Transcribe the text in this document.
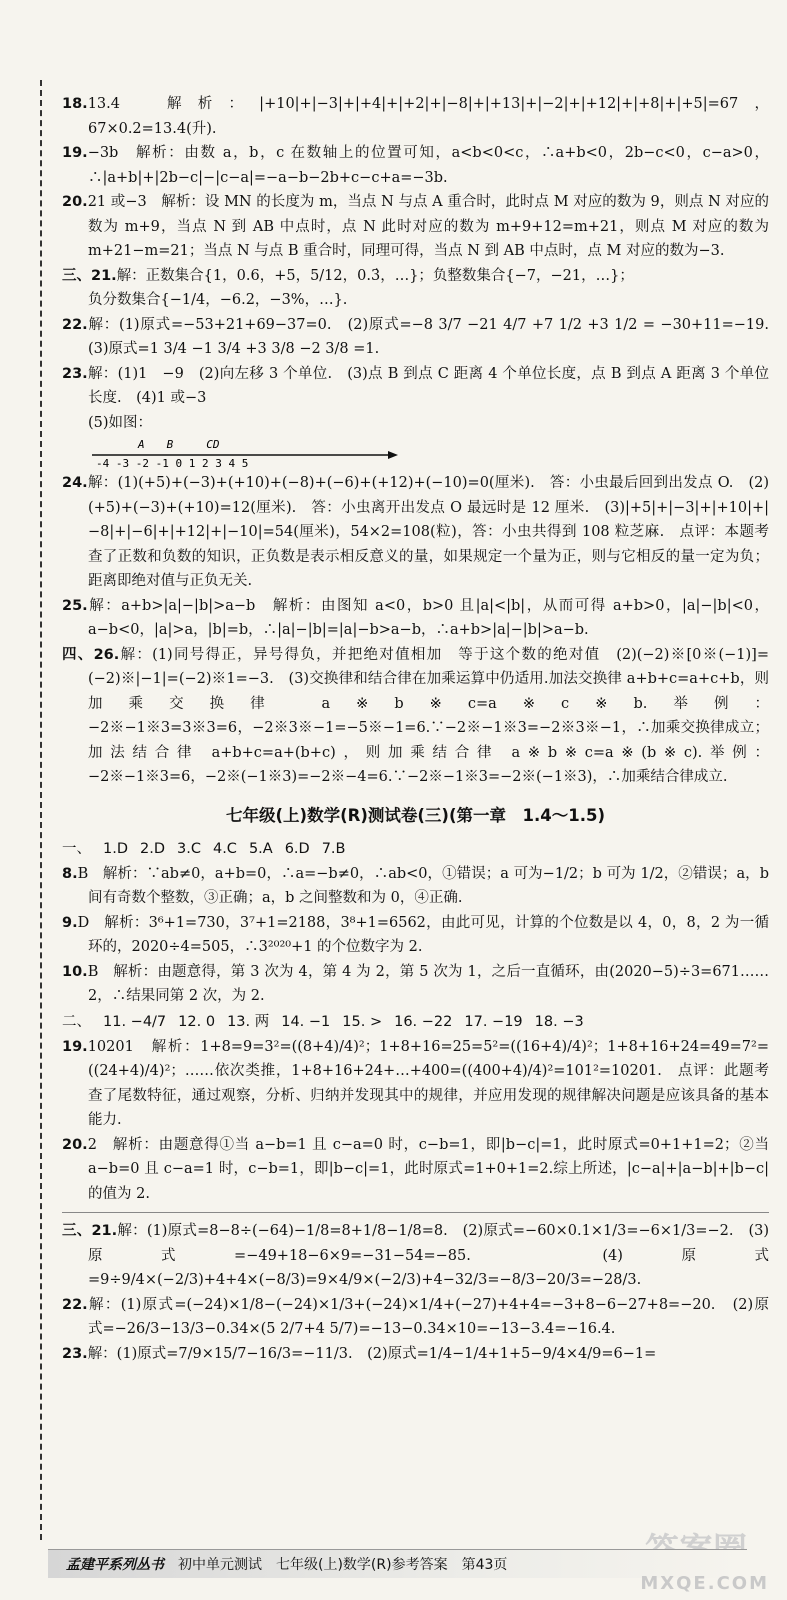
18.13.4　解析：|+10|+|−3|+|+4|+|+2|+|−8|+|+13|+|−2|+|+12|+|+8|+|+5|=67，67×0.2=13.4(升).

19.−3b　解析：由数 a，b，c 在数轴上的位置可知，a<b<0<c，∴a+b<0，2b−c<0，c−a>0，∴|a+b|+|2b−c|−|c−a|=−a−b−2b+c−c+a=−3b.

20.21 或−3　解析：设 MN 的长度为 m，当点 N 与点 A 重合时，此时点 M 对应的数为 9，则点 N 对应的数为 m+9，当点 N 到 AB 中点时，点 N 此时对应的数为 m+9+12=m+21，则点 M 对应的数为 m+21−m=21；当点 N 与点 B 重合时，同理可得，当点 N 到 AB 中点时，点 M 对应的数为−3.

三、21.解：正数集合{1，0.6，+5，5/12，0.3̇，…}；负整数集合{−7，−21，…}；

负分数集合{−1/4，−6.2，−3%，…}.

22.解：(1)原式=−53+21+69−37=0.　(2)原式=−8 3/7 −21 4/7 +7 1/2 +3 1/2 = −30+11=−19.　(3)原式=1 3/4 −1 3/4 +3 3/8 −2 3/8 =1.

23.解：(1)1　−9　(2)向左移 3 个单位.　(3)点 B 到点 C 距离 4 个单位长度，点 B 到点 A 距离 3 个单位长度.　(4)1 或−3

(5)如图：

A　　B　　　CD
-4 -3 -2 -1 0 1 2 3 4 5

24.解：(1)(+5)+(−3)+(+10)+(−8)+(−6)+(+12)+(−10)=0(厘米).　答：小虫最后回到出发点 O.　(2)(+5)+(−3)+(+10)=12(厘米).　答：小虫离开出发点 O 最远时是 12 厘米.　(3)|+5|+|−3|+|+10|+|−8|+|−6|+|+12|+|−10|=54(厘米)，54×2=108(粒)，答：小虫共得到 108 粒芝麻.　点评：本题考查了正数和负数的知识，正负数是表示相反意义的量，如果规定一个量为正，则与它相反的量一定为负；距离即绝对值与正负无关.

25.解：a+b>|a|−|b|>a−b　解析：由图知 a<0，b>0 且|a|<|b|，从而可得 a+b>0，|a|−|b|<0，a−b<0，|a|>a，|b|=b，∴|a|−|b|=|a|−b>a−b，∴a+b>|a|−|b|>a−b.

四、26.解：(1)同号得正，异号得负，并把绝对值相加　等于这个数的绝对值　(2)(−2)※[0※(−1)]=(−2)※|−1|=(−2)※1=−3.　(3)交换律和结合律在加乘运算中仍适用.加法交换律 a+b+c=a+c+b，则加乘交换律 a※b※c=a※c※b.举例：−2※−1※3=3※3=6，−2※3※−1=−5※−1=6.∵−2※−1※3=−2※3※−1，∴加乘交换律成立；加法结合律 a+b+c=a+(b+c)，则加乘结合律 a※b※c=a※(b※c).举例：−2※−1※3=6，−2※(−1※3)=−2※−4=6.∵−2※−1※3=−2※(−1※3)，∴加乘结合律成立.

七年级(上)数学(R)测试卷(三)(第一章　1.4～1.5)
一、 1.D 2.D 3.C 4.C 5.A 6.D 7.B

8.B　解析：∵ab≠0，a+b=0，∴a=−b≠0，∴ab<0，①错误；a 可为−1/2；b 可为 1/2，②错误；a，b 间有奇数个整数，③正确；a，b 之间整数和为 0，④正确.

9.D　解析：3⁶+1=730，3⁷+1=2188，3⁸+1=6562，由此可见，计算的个位数是以 4，0，8，2 为一循环的，2020÷4=505，∴3²⁰²⁰+1 的个位数字为 2.

10.B　解析：由题意得，第 3 次为 4，第 4 为 2，第 5 次为 1，之后一直循环，由(2020−5)÷3=671……2，∴结果同第 2 次，为 2.

二、 11. −4/7 12. 0 13. 两 14. −1 15. > 16. −22 17. −19 18. −3

19.10201　解析：1+8=9=3²=((8+4)/4)²；1+8+16=25=5²=((16+4)/4)²；1+8+16+24=49=7²=((24+4)/4)²；……依次类推，1+8+16+24+…+400=((400+4)/4)²=101²=10201.　点评：此题考查了尾数特征，通过观察，分析、归纳并发现其中的规律，并应用发现的规律解决问题是应该具备的基本能力.

20.2　解析：由题意得①当 a−b=1 且 c−a=0 时，c−b=1，即|b−c|=1，此时原式=0+1+1=2；②当 a−b=0 且 c−a=1 时，c−b=1，即|b−c|=1，此时原式=1+0+1=2.综上所述，|c−a|+|a−b|+|b−c|的值为 2.

三、21.解：(1)原式=8−8÷(−64)−1/8=8+1/8−1/8=8.　(2)原式=−60×0.1×1/3=−6×1/3=−2.　(3)原式=−49+18−6×9=−31−54=−85.　(4)原式=9÷9/4×(−2/3)+4+4×(−8/3)=9×4/9×(−2/3)+4−32/3=−8/3−20/3=−28/3.

22.解：(1)原式=(−24)×1/8−(−24)×1/3+(−24)×1/4+(−27)+4+4=−3+8−6−27+8=−20.　(2)原式=−26/3−13/3−0.34×(5 2/7+4 5/7)=−13−0.34×10=−13−3.4=−16.4.

23.解：(1)原式=7/9×15/7−16/3=−11/3.　(2)原式=1/4−1/4+1+5−9/4×4/9=6−1=

孟建平系列丛书 初中单元测试　七年级(上)数学(R)参考答案 第43页
MXQE.COM
